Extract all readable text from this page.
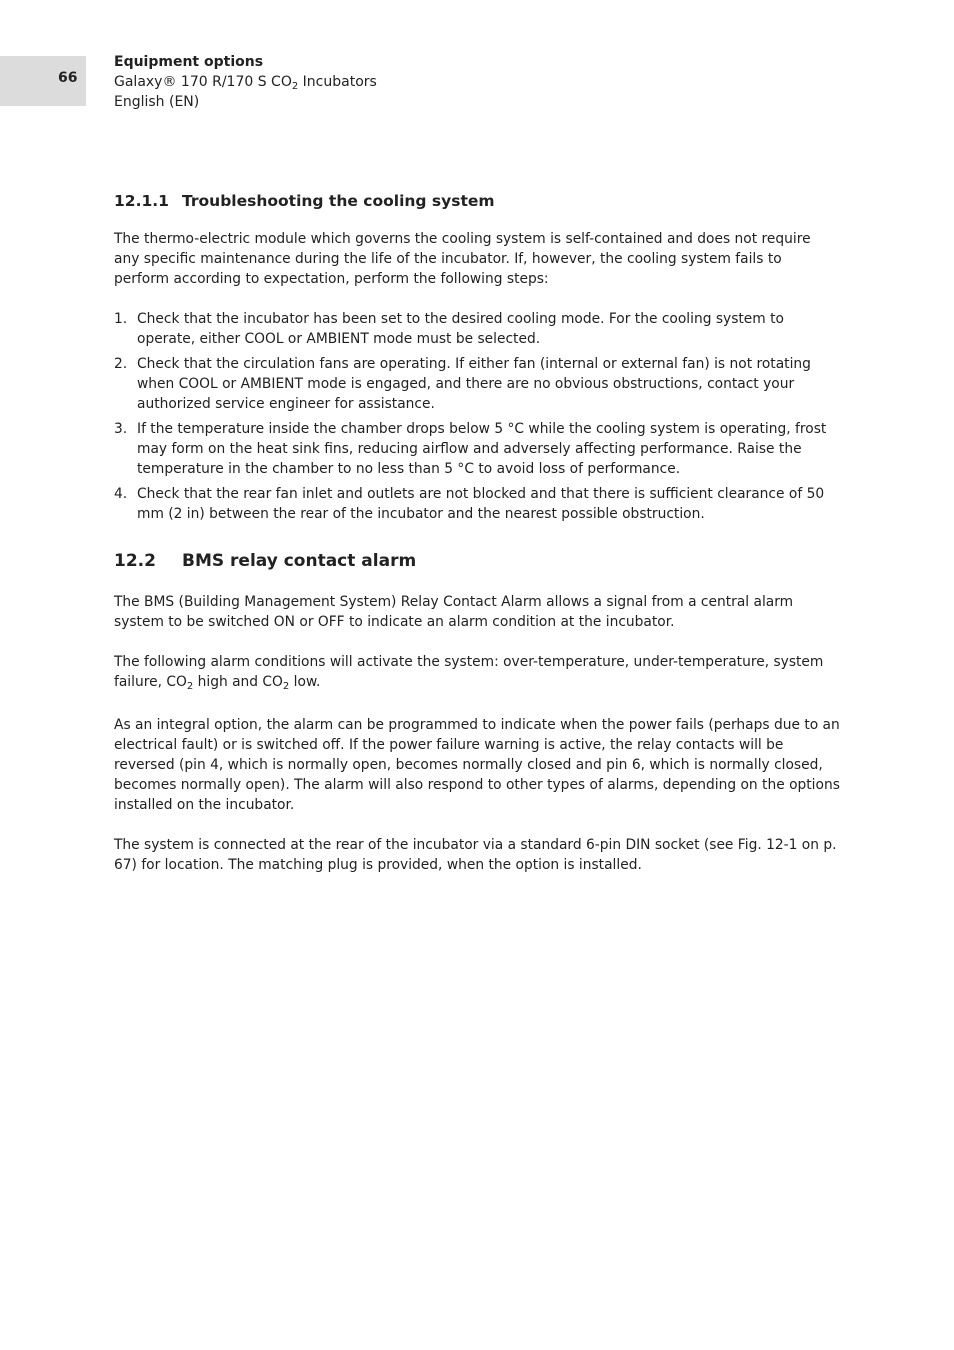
66
Equipment options
Galaxy® 170 R/170 S $CO_2$ Incubators
English (EN)
12.1.1 Troubleshooting the cooling system

The thermo-electric module which governs the cooling system is self-contained and does not require any specific maintenance during the life of the incubator. If, however, the cooling system fails to perform according to expectation, perform the following steps:

1. Check that the incubator has been set to the desired cooling mode. For the cooling system to operate, either COOL or AMBIENT mode must be selected.
2. Check that the circulation fans are operating. If either fan (internal or external fan) is not rotating when COOL or AMBIENT mode is engaged, and there are no obvious obstructions, contact your authorized service engineer for assistance.
3. If the temperature inside the chamber drops below 5 °C while the cooling system is operating, frost may form on the heat sink fins, reducing airflow and adversely affecting performance. Raise the temperature in the chamber to no less than 5 °C to avoid loss of performance.
4. Check that the rear fan inlet and outlets are not blocked and that there is sufficient clearance of 50 mm (2 in) between the rear of the incubator and the nearest possible obstruction.
12.2 BMS relay contact alarm

The BMS (Building Management System) Relay Contact Alarm allows a signal from a central alarm system to be switched ON or OFF to indicate an alarm condition at the incubator.

The following alarm conditions will activate the system: over-temperature, under-temperature, system failure, $CO_2$ high and $CO_2$ low.

As an integral option, the alarm can be programmed to indicate when the power fails (perhaps due to an electrical fault) or is switched off. If the power failure warning is active, the relay contacts will be reversed (pin 4, which is normally open, becomes normally closed and pin 6, which is normally closed, becomes normally open). The alarm will also respond to other types of alarms, depending on the options installed on the incubator.

The system is connected at the rear of the incubator via a standard 6-pin DIN socket (see Fig. 12-1 on p. 67) for location. The matching plug is provided, when the option is installed.
